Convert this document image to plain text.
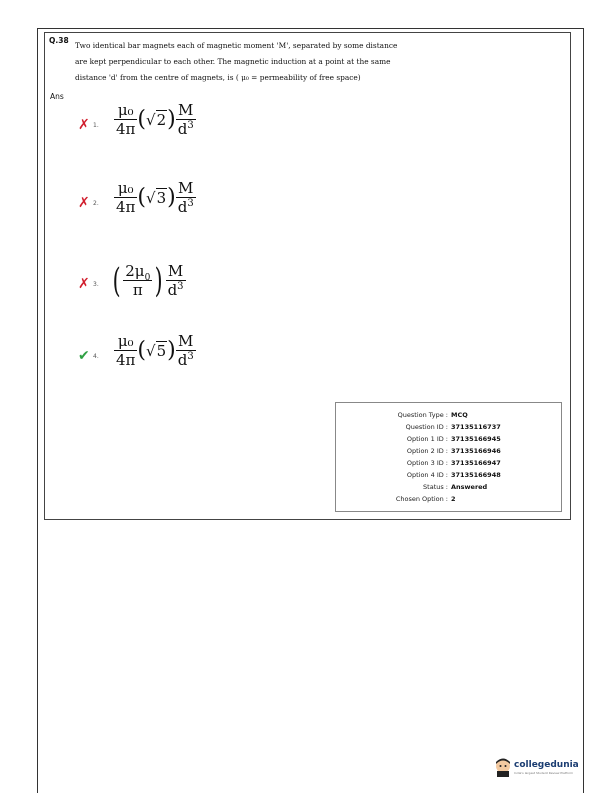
Q.38
Two identical bar magnets each of magnetic moment 'M', separated by some distance
are kept perpendicular to each other. The magnetic induction at a point at the same
distance 'd' from the centre of magnets, is ( μ₀ = permeability of free space)
Ans
✗ 1. $\frac{\text{μ₀}}{4\pi}$ ( √2 ) $\frac{M}{d^3}$
✗ 2. $\frac{\text{μ₀}}{4\pi}$ ( √3 ) $\frac{M}{d^3}$
✗ 3. ( $\frac{2\mu_0}{\pi}$ ) $\frac{M}{d^3}$
✔ 4. $\frac{\text{μ₀}}{4\pi}$ ( √5 ) $\frac{M}{d^3}$
Question Type : MCQ
Question ID : 37135116737
Option 1 ID : 37135166945
Option 2 ID : 37135166946
Option 3 ID : 37135166947
Option 4 ID : 37135166948
Status : Answered
Chosen Option : 2
collegedunia
India's largest Student Review Platform
